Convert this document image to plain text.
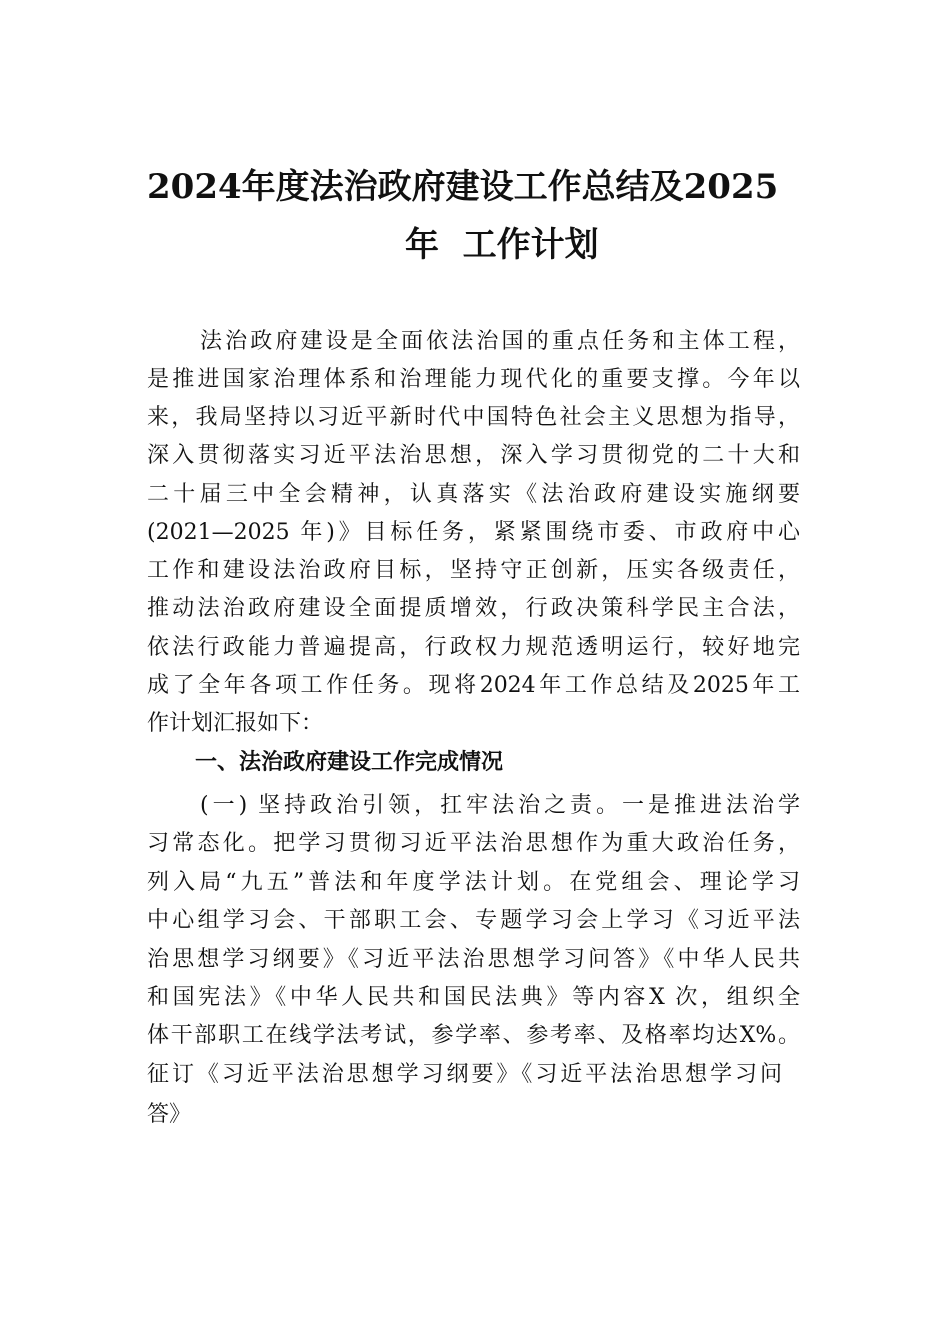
2024年度法治政府建设工作总结及2025
年  工作计划
法治政府建设是全面依法治国的重点任务和主体工程，
是推进国家治理体系和治理能力现代化的重要支撑。今年以
来，我局坚持以习近平新时代中国特色社会主义思想为指导，
深入贯彻落实习近平法治思想，深入学习贯彻党的二十大和
二十届三中全会精神，认真落实《法治政府建设实施纲要
(2021—2025 年)》目标任务，紧紧围绕市委、市政府中心
工作和建设法治政府目标，坚持守正创新，压实各级责任，
推动法治政府建设全面提质增效，行政决策科学民主合法，
依法行政能力普遍提高，行政权力规范透明运行，较好地完
成了全年各项工作任务。现将2024年工作总结及2025年工
作计划汇报如下：
一、法治政府建设工作完成情况
(一) 坚持政治引领，扛牢法治之责。一是推进法治学
习常态化。把学习贯彻习近平法治思想作为重大政治任务，
列入局“九五”普法和年度学法计划。在党组会、理论学习
中心组学习会、干部职工会、专题学习会上学习《习近平法
治思想学习纲要》《习近平法治思想学习问答》《中华人民共
和国宪法》《中华人民共和国民法典》等内容X 次，组织全
体干部职工在线学法考试，参学率、参考率、及格率均达X%。
征订《习近平法治思想学习纲要》《习近平法治思想学习问
答》
